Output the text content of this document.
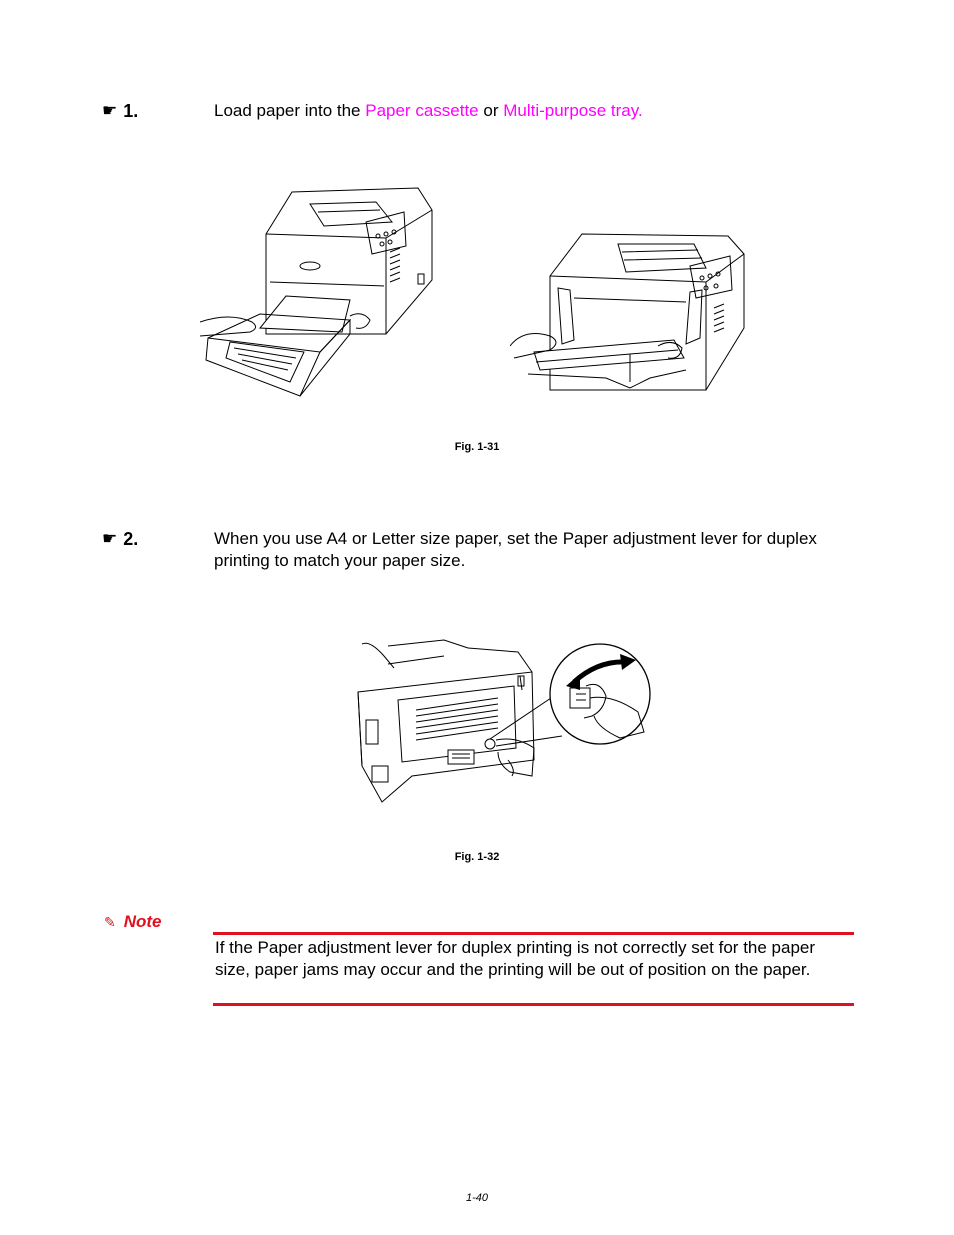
☛ 1.	Load paper into the Paper cassette or Multi-purpose tray.
Fig. 1-31
☛ 2.	When you use A4 or Letter size paper, set the Paper adjustment lever for duplex printing to match your paper size.
Fig. 1-32
✎ Note
If the Paper adjustment lever for duplex printing is not correctly set for the paper size, paper jams may occur and the printing will be out of position on the paper.
1-40
